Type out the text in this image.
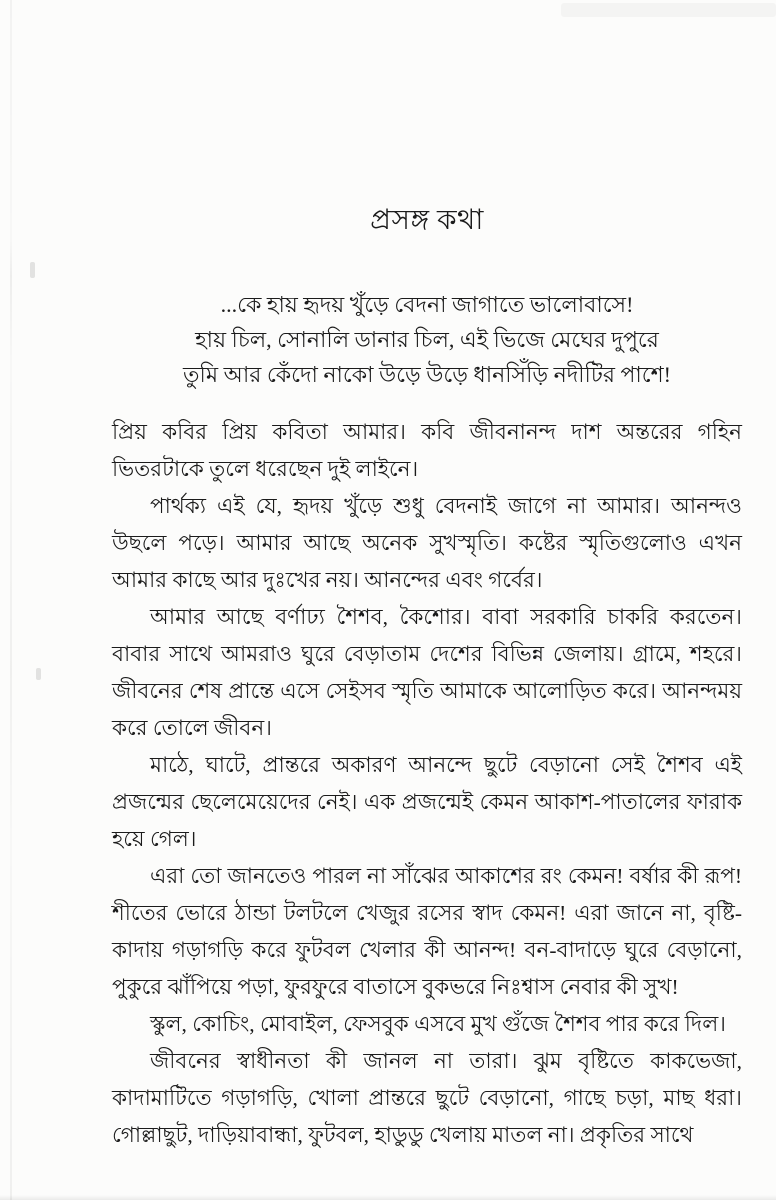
প্রসঙ্গ কথা
...কে হায় হৃদয় খুঁড়ে বেদনা জাগাতে ভালোবাসে!
হায় চিল, সোনালি ডানার চিল, এই ভিজে মেঘের দুপুরে
তুমি আর কেঁদো নাকো উড়ে উড়ে ধানসিঁড়ি নদীটির পাশে!

প্রিয় কবির প্রিয় কবিতা আমার। কবি জীবনানন্দ দাশ অন্তরের গহিন ভিতরটাকে তুলে ধরেছেন দুই লাইনে।

পার্থক্য এই যে, হৃদয় খুঁড়ে শুধু বেদনাই জাগে না আমার। আনন্দও উছলে পড়ে। আমার আছে অনেক সুখস্মৃতি। কষ্টের স্মৃতিগুলোও এখন আমার কাছে আর দুঃখের নয়। আনন্দের এবং গর্বের।

আমার আছে বর্ণাঢ্য শৈশব, কৈশোর। বাবা সরকারি চাকরি করতেন। বাবার সাথে আমরাও ঘুরে বেড়াতাম দেশের বিভিন্ন জেলায়। গ্রামে, শহরে। জীবনের শেষ প্রান্তে এসে সেইসব স্মৃতি আমাকে আলোড়িত করে। আনন্দময় করে তোলে জীবন।

মাঠে, ঘাটে, প্রান্তরে অকারণ আনন্দে ছুটে বেড়ানো সেই শৈশব এই প্রজন্মের ছেলেমেয়েদের নেই। এক প্রজন্মেই কেমন আকাশ-পাতালের ফারাক হয়ে গেল।

এরা তো জানতেও পারল না সাঁঝের আকাশের রং কেমন! বর্ষার কী রূপ! শীতের ভোরে ঠান্ডা টলটলে খেজুর রসের স্বাদ কেমন! এরা জানে না, বৃষ্টি-কাদায় গড়াগড়ি করে ফুটবল খেলার কী আনন্দ! বন-বাদাড়ে ঘুরে বেড়ানো, পুকুরে ঝাঁপিয়ে পড়া, ফুরফুরে বাতাসে বুকভরে নিঃশ্বাস নেবার কী সুখ!

স্কুল, কোচিং, মোবাইল, ফেসবুক এসবে মুখ গুঁজে শৈশব পার করে দিল।

জীবনের স্বাধীনতা কী জানল না তারা। ঝুম বৃষ্টিতে কাকভেজা, কাদামাটিতে গড়াগড়ি, খোলা প্রান্তরে ছুটে বেড়ানো, গাছে চড়া, মাছ ধরা। গোল্লাছুট, দাড়িয়াবান্ধা, ফুটবল, হাডুডু খেলায় মাতল না। প্রকৃতির সাথে
